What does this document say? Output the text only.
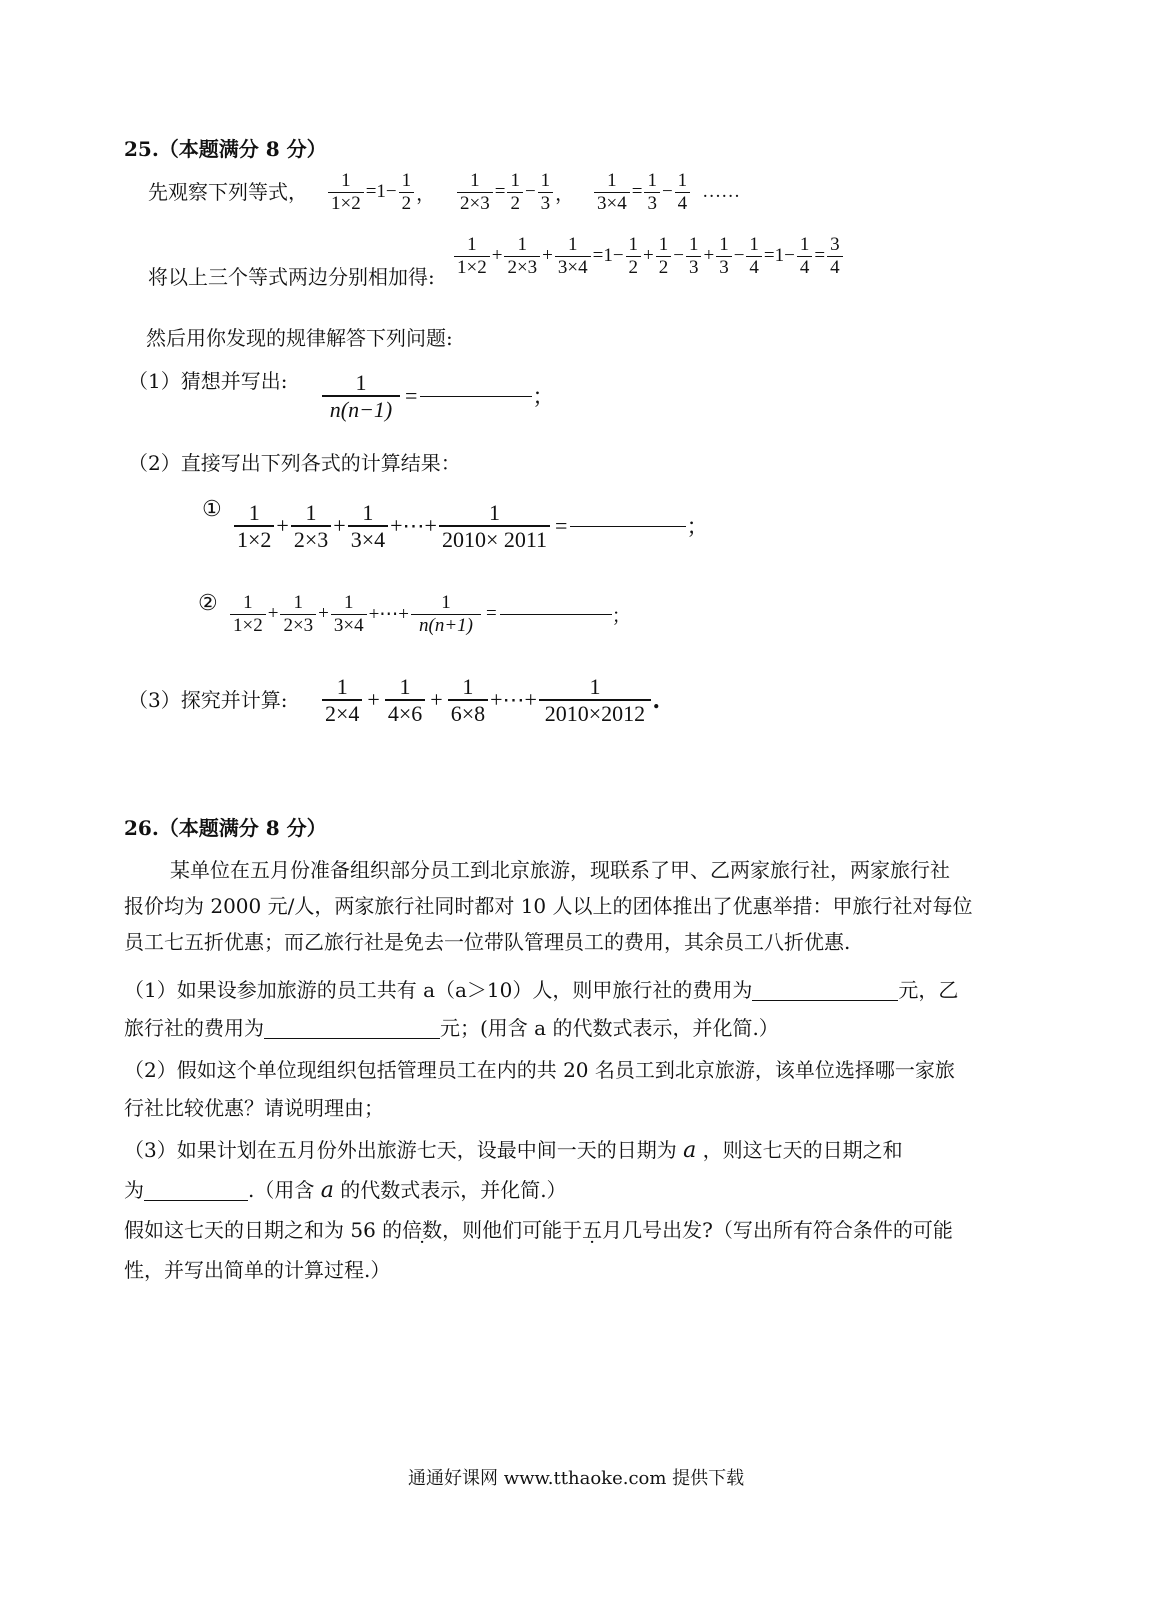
25.（本题满分 8 分）
先观察下列等式， $\frac{1}{1\times 2} =1- \frac{1}{2}$ ， $\frac{1}{2\times 3} = \frac{1}{2} - \frac{1}{3}$ ， $\frac{1}{3\times 4} = \frac{1}{3} - \frac{1}{4}$ ……
将以上三个等式两边分别相加得: $\frac{1}{1\times 2} + \frac{1}{2\times 3} + \frac{1}{3\times 4} = 1 - \frac{1}{2} + \frac{1}{2} - \frac{1}{3} + \frac{1}{3} - \frac{1}{4} = 1 - \frac{1}{4} = \frac{3}{4}$
然后用你发现的规律解答下列问题:
（1）猜想并写出: $\frac{1}{n(n-1)}$ =	；
（2）直接写出下列各式的计算结果：
① $\frac{1}{1\times 2} + \frac{1}{2\times 3} + \frac{1}{3\times 4}$ +⋯+ $\frac{1}{2010\times 2011}$ =	；
② $\frac{1}{1\times 2} + \frac{1}{2\times 3} + \frac{1}{3\times 4}$ +⋯+ $\frac{1}{n(n+1)}$ =	；
（3）探究并计算: $\frac{1}{2\times 4} + \frac{1}{4\times 6} + \frac{1}{6\times 8}$ +⋯+ $\frac{1}{2010\times 2012}$ .
26.（本题满分 8 分）
某单位在五月份准备组织部分员工到北京旅游，现联系了甲、乙两家旅行社，两家旅行社
报价均为 2000 元/人，两家旅行社同时都对 10 人以上的团体推出了优惠举措：甲旅行社对每位
员工七五折优惠；而乙旅行社是免去一位带队管理员工的费用，其余员工八折优惠.
（1）如果设参加旅游的员工共有 a（a＞10）人，则甲旅行社的费用为	元，乙
旅行社的费用为	元；(用含 a 的代数式表示，并化简.）
（2）假如这个单位现组织包括管理员工在内的共 20 名员工到北京旅游，该单位选择哪一家旅
行社比较优惠？请说明理由；
（3）如果计划在五月份外出旅游七天，设最中间一天的日期为 a ，则这七天的日期之和
为	.（用含 a 的代数式表示，并化简.）
假如这七天的日期之和为 56 的倍数，则他们可能于五月几号出发?（写出所有符合条件的可能
性，并写出简单的计算过程.）
通通好课网 www.tthaoke.com 提供下载
